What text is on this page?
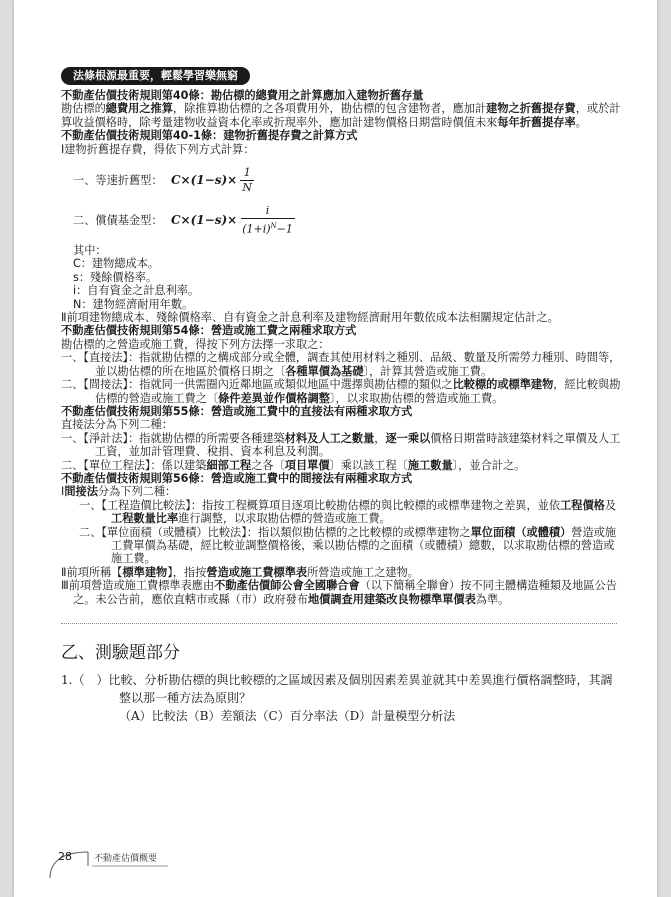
法條根源最重要，輕鬆學習樂無窮
不動產估價技術規則第40條：勘估標的總費用之計算應加入建物折舊存量
勘估標的總費用之推算，除推算勘估標的之各項費用外，勘估標的包含建物者，應加計建物之折舊提存費，或於計算收益價格時，除考量建物收益資本化率或折現率外，應加計建物價格日期當時價值未來每年折舊提存率。
不動產估價技術規則第40-1條：建物折舊提存費之計算方式
Ⅰ建物折舊提存費，得依下列方式計算：
一、等速折舊型： $C\times(1-s)\times \frac{1}{N}$
二、償債基金型： $C\times(1-s)\times \frac{i}{(1+i)^N-1}$
其中：
C：建物總成本。
s：殘餘價格率。
i：自有資金之計息利率。
N：建物經濟耐用年數。
Ⅱ前項建物總成本、殘餘價格率、自有資金之計息利率及建物經濟耐用年數依成本法相關規定估計之。
不動產估價技術規則第54條：營造或施工費之兩種求取方式
勘估標的之營造或施工費，得按下列方法擇一求取之：
一、【直接法】：指就勘估標的之構成部分或全體，調查其使用材料之種別、品級、數量及所需勞力種別、時間等，並以勘估標的所在地區於價格日期之〔各種單價為基礎〕，計算其營造或施工費。
二、【間接法】：指就同一供需圈內近鄰地區或類似地區中選擇與勘估標的類似之比較標的或標準建物，經比較與勘估標的營造或施工費之〔條件差異並作價格調整〕，以求取勘估標的營造或施工費。
不動產估價技術規則第55條：營造或施工費中的直接法有兩種求取方式
直接法分為下列二種：
一、【淨計法】：指就勘估標的所需要各種建築材料及人工之數量，逐一乘以價格日期當時該建築材料之單價及人工工資，並加計管理費、稅捐、資本利息及利潤。
二、【單位工程法】：係以建築細部工程之各〔項目單價〕乘以該工程〔施工數量〕，並合計之。
不動產估價技術規則第56條：營造或施工費中的間接法有兩種求取方式
Ⅰ間接法分為下列二種：
一、【工程造價比較法】：指按工程概算項目逐項比較勘估標的與比較標的或標準建物之差異，並依工程價格及工程數量比率進行調整，以求取勘估標的營造或施工費。
二、【單位面積（或體積）比較法】：指以類似勘估標的之比較標的或標準建物之單位面積（或體積）營造或施工費單價為基礎，經比較並調整價格後，乘以勘估標的之面積（或體積）總數，以求取勘估標的營造或施工費。
Ⅱ前項所稱【標準建物】，指按營造或施工費標準表所營造或施工之建物。
Ⅲ前項營造或施工費標準表應由不動產估價師公會全國聯合會（以下簡稱全聯會）按不同主體構造種類及地區公告之。未公告前，應依直轄市或縣（市）政府發布地價調查用建築改良物標準單價表為準。
乙、測驗題部分
1.（　）比較、分析勘估標的與比較標的之區域因素及個別因素差異並就其中差異進行價格調整時，其調整以那一種方法為原則？
（A）比較法（B）差額法（C）百分率法（D）計量模型分析法
28 不動產估價概要
